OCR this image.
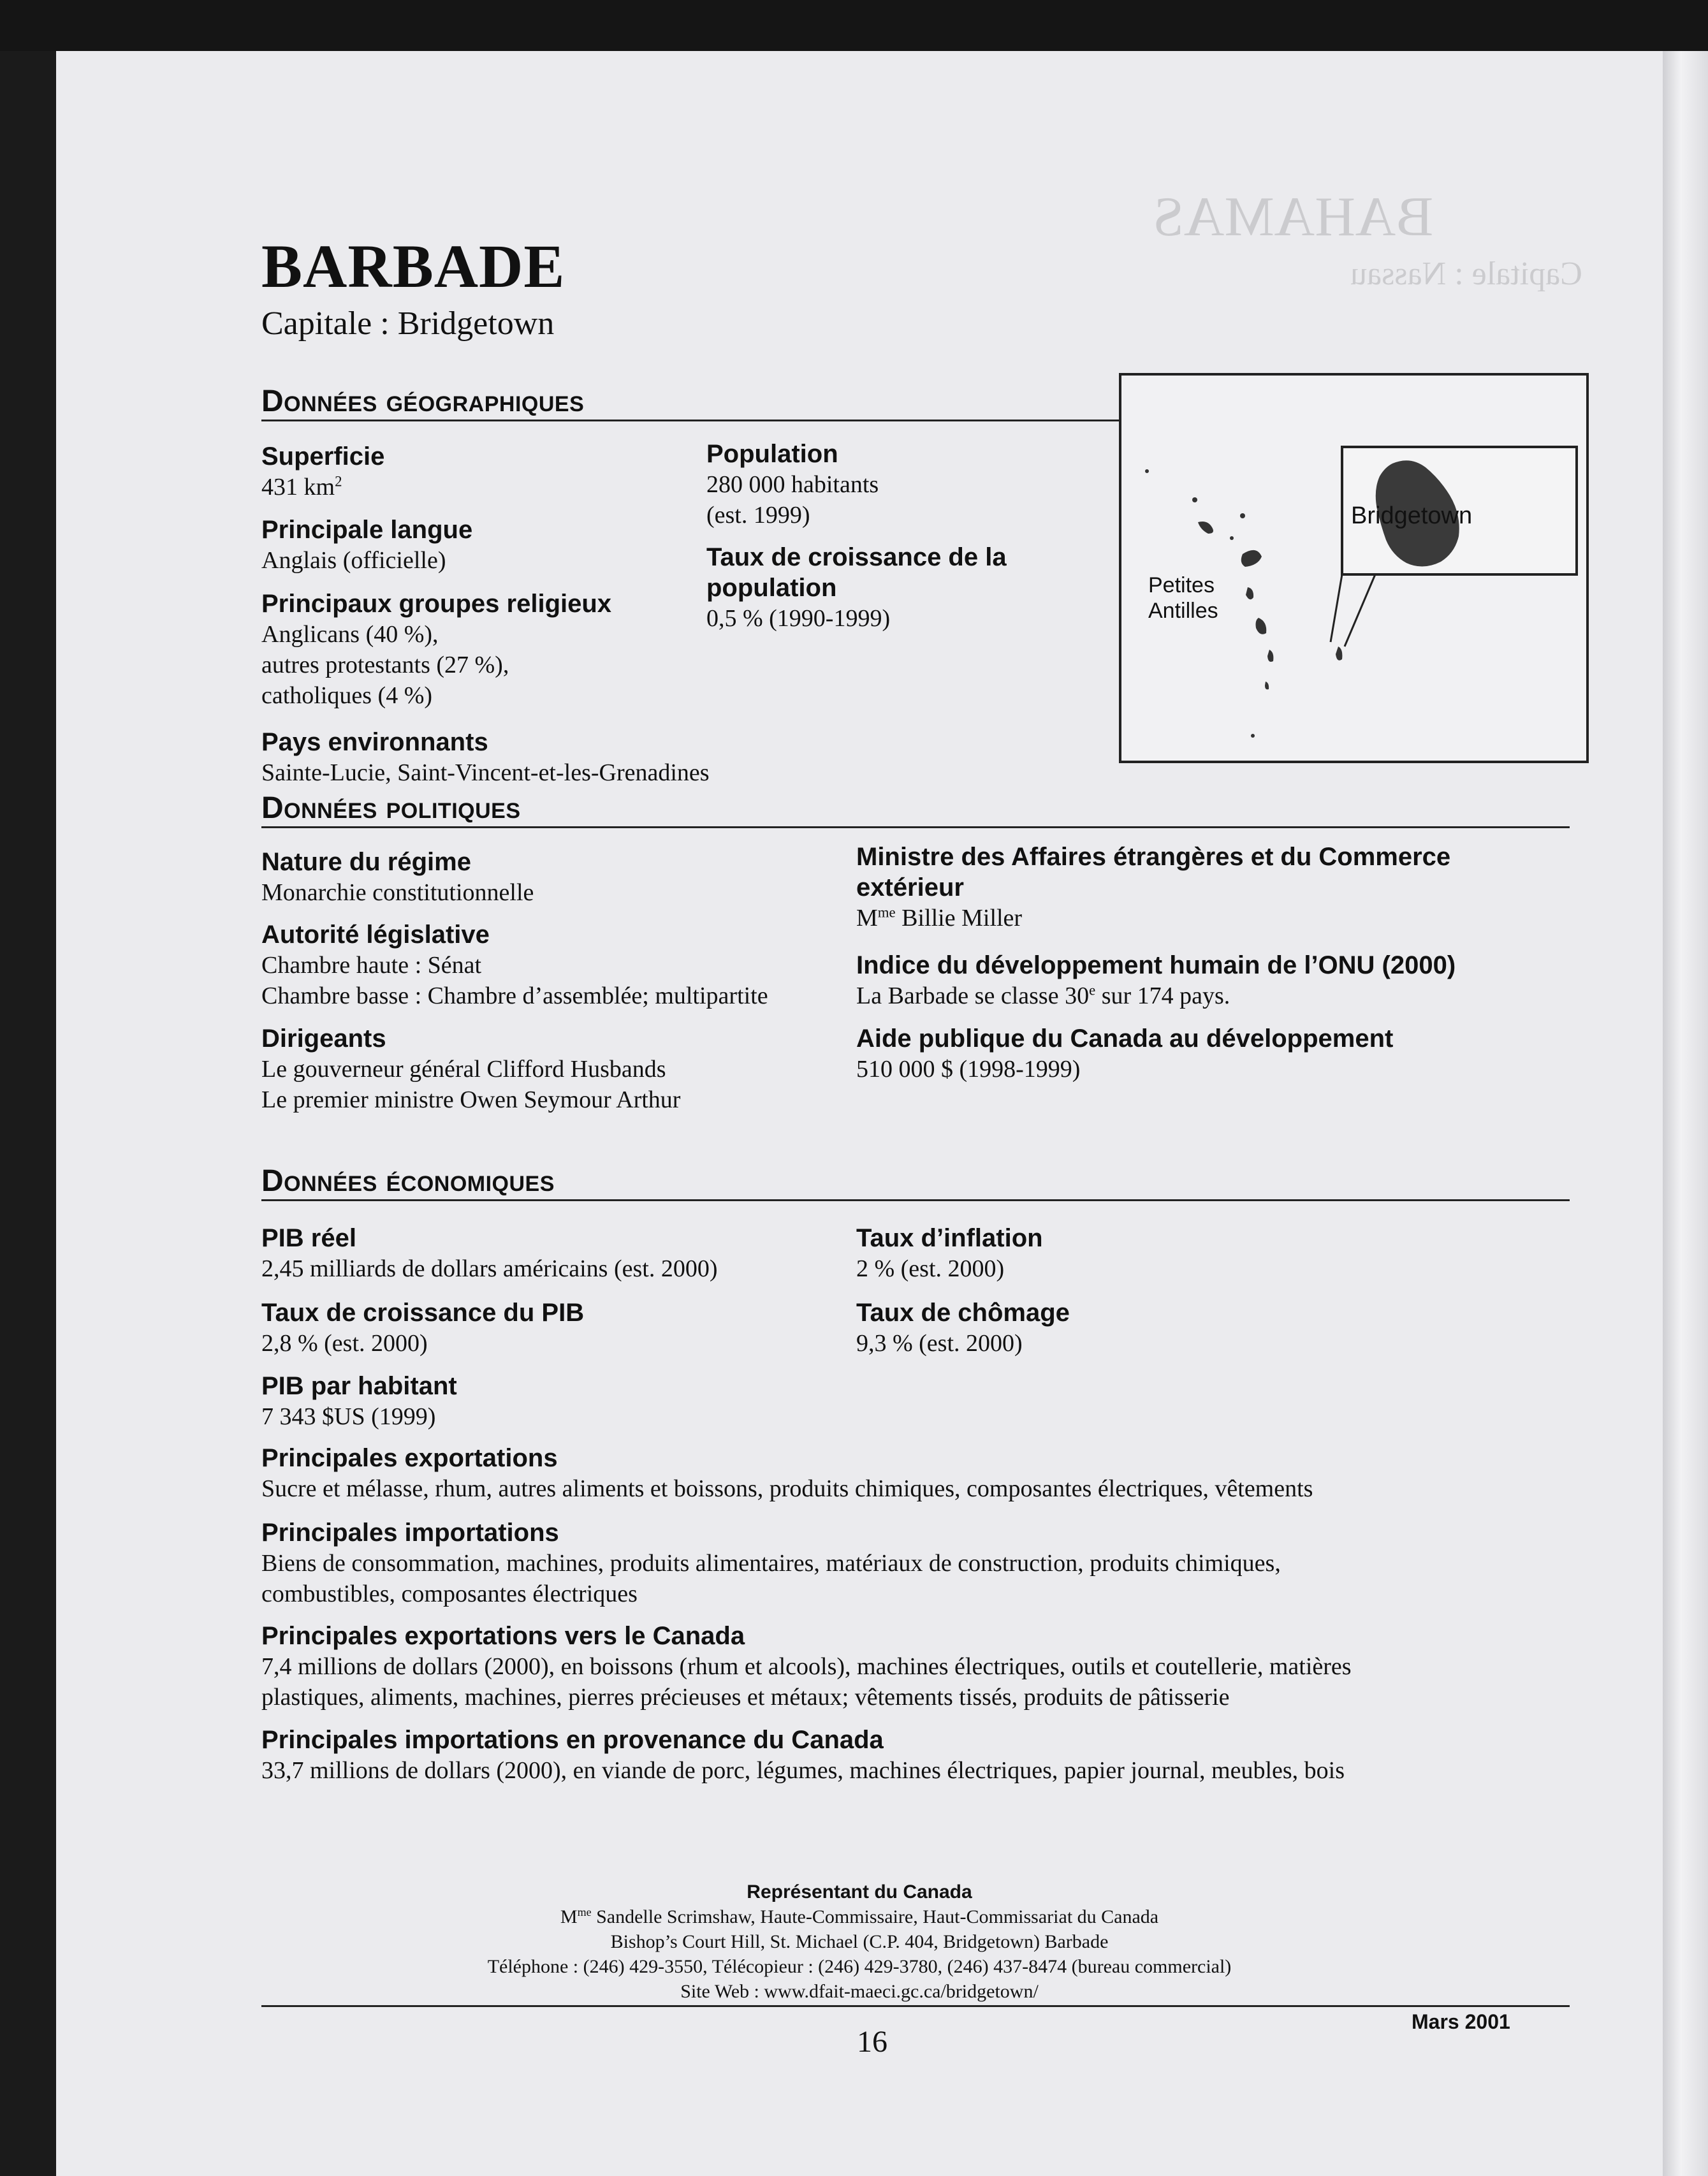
BAHAMAS
Capitale : Nassau
BARBADE
Capitale : Bridgetown
Données géographiques
Superficie
431 $km^2$
Principale langue
Anglais (officielle)
Principaux groupes religieux
Anglicans (40 %),
autres protestants (27 %),
catholiques (4 %)
Pays environnants
Sainte-Lucie, Saint-Vincent-et-les-Grenadines
Population
280 000 habitants
(est. 1999)
Taux de croissance de la
population
0,5 % (1990-1999)
Bridgetown
Petites
Antilles
Données politiques
Nature du régime
Monarchie constitutionnelle
Autorité législative
Chambre haute : Sénat
Chambre basse : Chambre d’assemblée; multipartite
Dirigeants
Le gouverneur général Clifford Husbands
Le premier ministre Owen Seymour Arthur
Ministre des Affaires étrangères et du Commerce
extérieur
$M^{me}$ Billie Miller
Indice du développement humain de l’ONU (2000)
La Barbade se classe 30e sur 174 pays.
Aide publique du Canada au développement
510 000 $ (1998-1999)
Données économiques
PIB réel
2,45 milliards de dollars américains (est. 2000)
Taux de croissance du PIB
2,8 % (est. 2000)
PIB par habitant
7 343 $US (1999)
Taux d’inflation
2 % (est. 2000)
Taux de chômage
9,3 % (est. 2000)
Principales exportations
Sucre et mélasse, rhum, autres aliments et boissons, produits chimiques, composantes électriques, vêtements
Principales importations
Biens de consommation, machines, produits alimentaires, matériaux de construction, produits chimiques,
combustibles, composantes électriques
Principales exportations vers le Canada
7,4 millions de dollars (2000), en boissons (rhum et alcools), machines électriques, outils et coutellerie, matières
plastiques, aliments, machines, pierres précieuses et métaux; vêtements tissés, produits de pâtisserie
Principales importations en provenance du Canada
33,7 millions de dollars (2000), en viande de porc, légumes, machines électriques, papier journal, meubles, bois
Représentant du Canada
$M^{me}$ Sandelle Scrimshaw, Haute-Commissaire, Haut-Commissariat du Canada
Bishop’s Court Hill, St. Michael (C.P. 404, Bridgetown) Barbade
Téléphone : (246) 429-3550, Télécopieur : (246) 429-3780, (246) 437-8474 (bureau commercial)
Site Web : www.dfait-maeci.gc.ca/bridgetown/
Mars 2001
16
